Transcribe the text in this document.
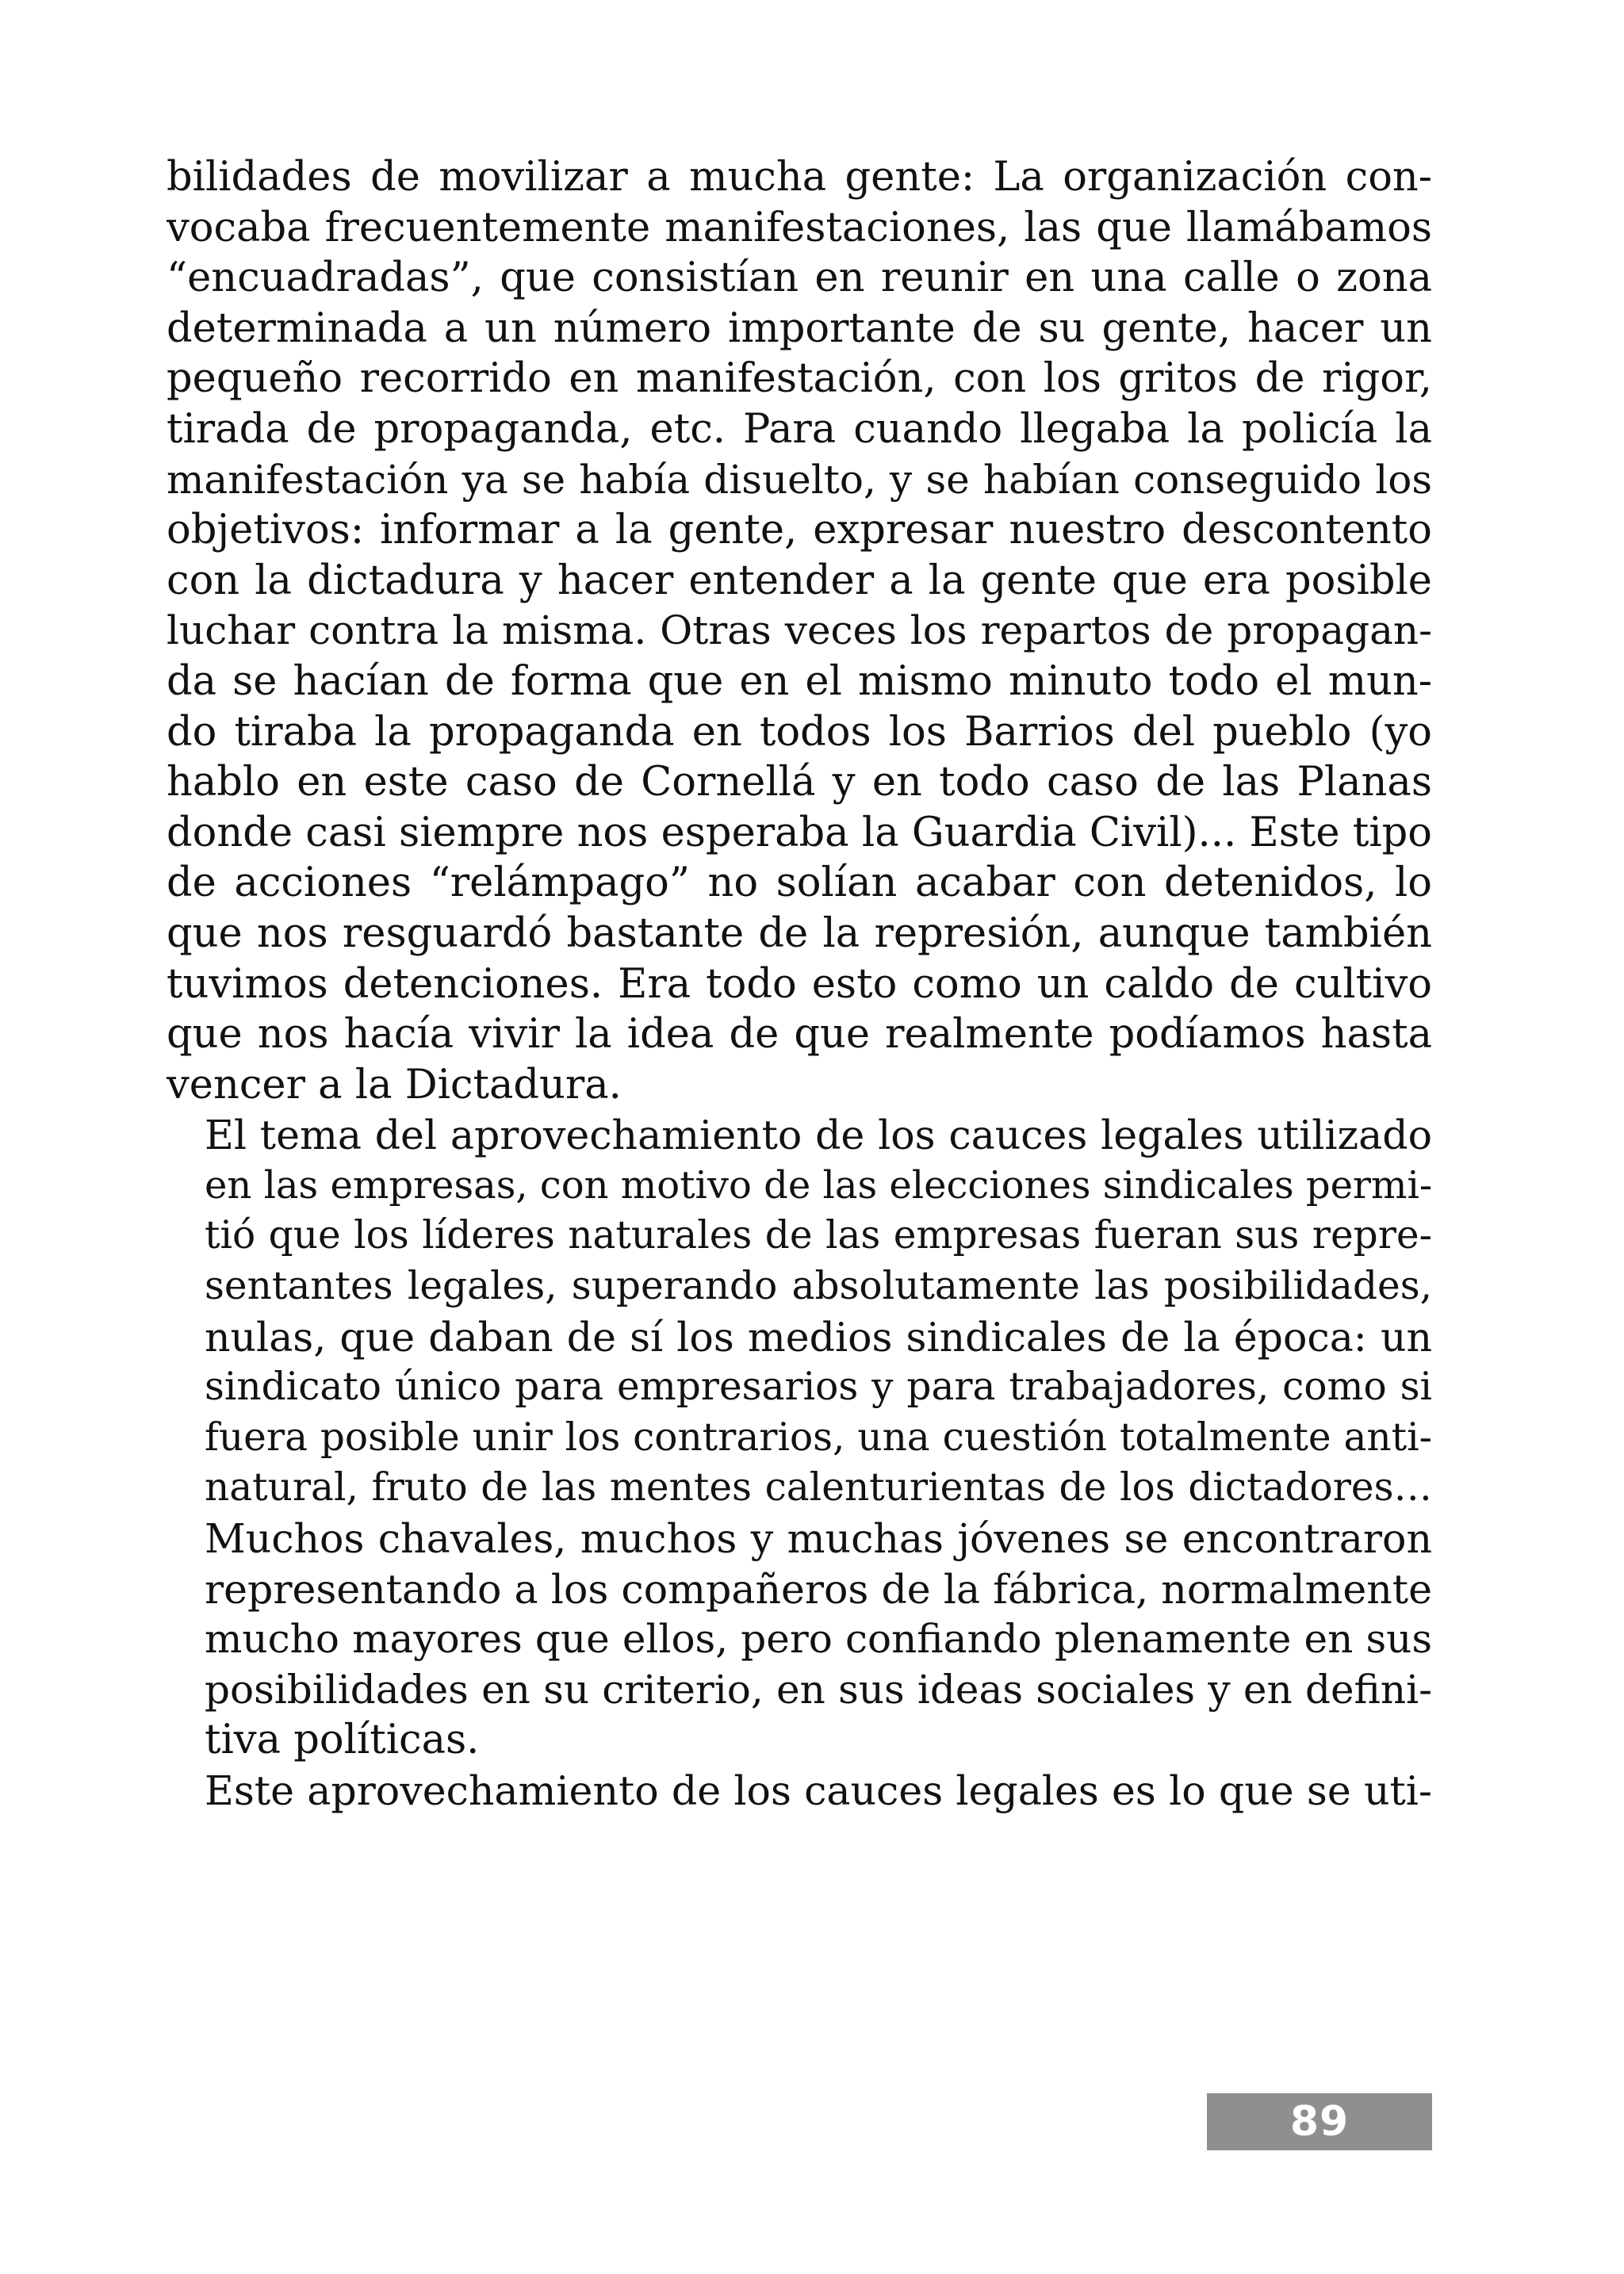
bilidades de movilizar a mucha gente: La organización con-
vocaba frecuentemente manifestaciones, las que llamábamos
“encuadradas”, que consistían en reunir en una calle o zona
determinada a un número importante de su gente, hacer un
pequeño recorrido en manifestación, con los gritos de rigor,
tirada de propaganda, etc. Para cuando llegaba la policía la
manifestación ya se había disuelto, y se habían conseguido los
objetivos: informar a la gente, expresar nuestro descontento
con la dictadura y hacer entender a la gente que era posible
luchar contra la misma. Otras veces los repartos de propagan-
da se hacían de forma que en el mismo minuto todo el mun-
do tiraba la propaganda en todos los Barrios del pueblo (yo
hablo en este caso de Cornellá y en todo caso de las Planas
donde casi siempre nos esperaba la Guardia Civil)... Este tipo
de acciones “relámpago” no solían acabar con detenidos, lo
que nos resguardó bastante de la represión, aunque también
tuvimos detenciones. Era todo esto como un caldo de cultivo
que nos hacía vivir la idea de que realmente podíamos hasta
vencer a la Dictadura.

El tema del aprovechamiento de los cauces legales utilizado
en las empresas, con motivo de las elecciones sindicales permi-
tió que los líderes naturales de las empresas fueran sus repre-
sentantes legales, superando absolutamente las posibilidades,
nulas, que daban de sí los medios sindicales de la época: un
sindicato único para empresarios y para trabajadores, como si
fuera posible unir los contrarios, una cuestión totalmente anti-
natural, fruto de las mentes calenturientas de los dictadores…
Muchos chavales, muchos y muchas jóvenes se encontraron
representando a los compañeros de la fábrica, normalmente
mucho mayores que ellos, pero confiando plenamente en sus
posibilidades en su criterio, en sus ideas sociales y en defini-
tiva políticas.

Este aprovechamiento de los cauces legales es lo que se uti-

89
